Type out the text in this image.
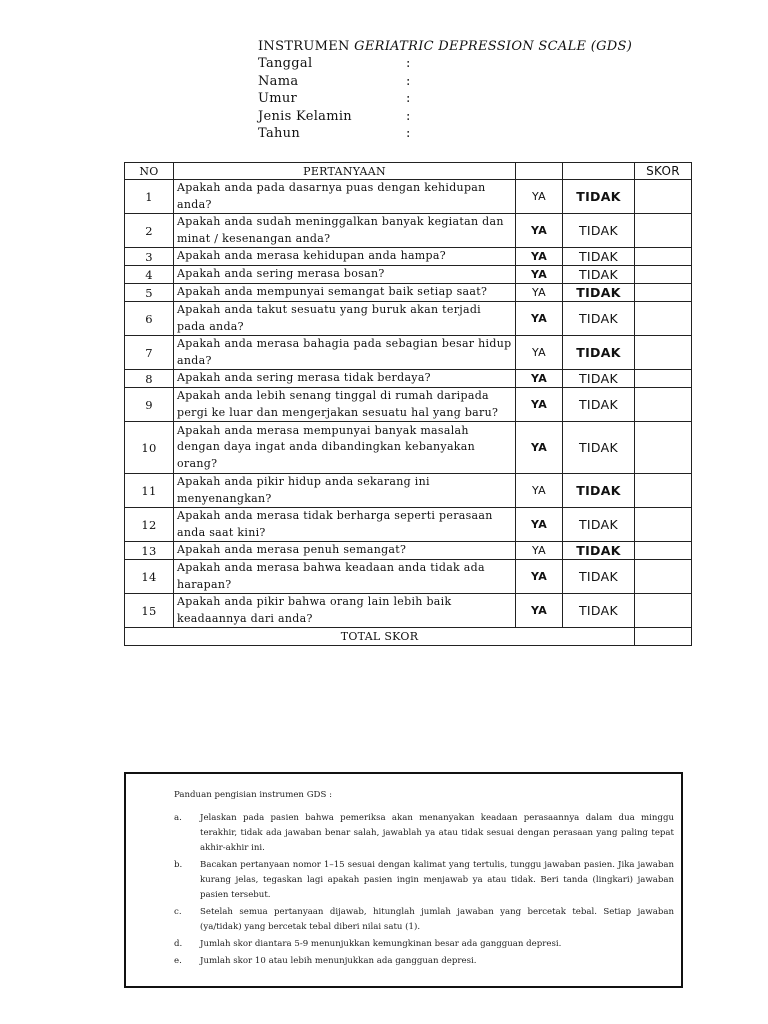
INSTRUMEN GERIATRIC DEPRESSION SCALE (GDS)
Tanggal	:
Nama	:
Umur	:
Jenis Kelamin	:
Tahun	:
NO	PERTANYAAN			SKOR
1	Apakah anda pada dasarnya puas dengan kehidupan anda?	YA	TIDAK	
2	Apakah anda sudah meninggalkan banyak kegiatan dan minat / kesenangan anda?	YA	TIDAK	
3	Apakah anda merasa kehidupan anda hampa?	YA	TIDAK	
4	Apakah anda sering merasa bosan?	YA	TIDAK	
5	Apakah anda mempunyai semangat baik setiap saat?	YA	TIDAK	
6	Apakah anda takut sesuatu yang buruk akan terjadi pada anda?	YA	TIDAK	
7	Apakah anda merasa bahagia pada sebagian besar hidup anda?	YA	TIDAK	
8	Apakah anda sering merasa tidak berdaya?	YA	TIDAK	
9	Apakah anda lebih senang tinggal di rumah daripada pergi ke luar dan mengerjakan sesuatu hal yang baru?	YA	TIDAK	
10	Apakah anda merasa mempunyai banyak masalah dengan daya ingat anda dibandingkan kebanyakan orang?	YA	TIDAK	
11	Apakah anda pikir hidup anda sekarang ini menyenangkan?	YA	TIDAK	
12	Apakah anda merasa tidak berharga seperti perasaan anda saat kini?	YA	TIDAK	
13	Apakah anda merasa penuh semangat?	YA	TIDAK	
14	Apakah anda merasa bahwa keadaan anda tidak ada harapan?	YA	TIDAK	
15	Apakah anda pikir bahwa orang lain lebih baik keadaannya dari anda?	YA	TIDAK	
TOTAL SKOR				
Panduan pengisian instrumen GDS :
a.	Jelaskan pada pasien bahwa pemeriksa akan menanyakan keadaan perasaannya dalam dua minggu terakhir, tidak ada jawaban benar salah, jawablah ya atau tidak sesuai dengan perasaan yang paling tepat akhir-akhir ini.
b.	Bacakan pertanyaan nomor 1–15 sesuai dengan kalimat yang tertulis, tunggu jawaban pasien. Jika jawaban kurang jelas, tegaskan lagi apakah pasien ingin menjawab ya atau tidak. Beri tanda (lingkari) jawaban pasien tersebut.
c.	Setelah semua pertanyaan dijawab, hitunglah jumlah jawaban yang bercetak tebal. Setiap jawaban (ya/tidak) yang bercetak tebal diberi nilai satu (1).
d.	Jumlah skor diantara 5-9 menunjukkan kemungkinan besar ada gangguan depresi.
e.	Jumlah skor 10 atau lebih menunjukkan ada gangguan depresi.
